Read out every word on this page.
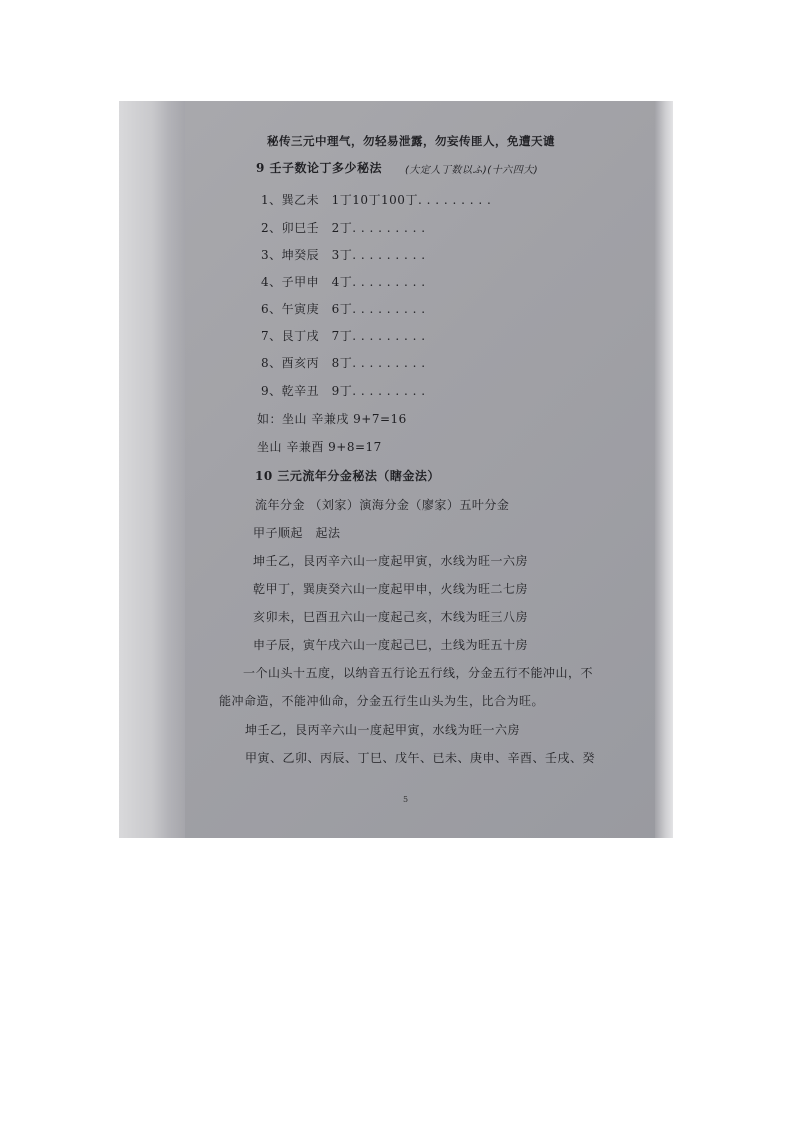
秘传三元中理气，勿轻易泄露，勿妄传匪人，免遭天谴
9 壬子数论丁多少秘法 (大定人丁数以ふ)(十六四大)
1、巽乙未　1丁10丁100丁. . . . . . . . .
2、卯巳壬　2丁. . . . . . . . .
3、坤癸辰　3丁. . . . . . . . .
4、子甲申　4丁. . . . . . . . .
6、午寅庚　6丁. . . . . . . . .
7、艮丁戌　7丁. . . . . . . . .
8、酉亥丙　8丁. . . . . . . . .
9、乾辛丑　9丁. . . . . . . . .
如：坐山 辛兼戌 9+7=16
坐山 辛兼酉 9+8=17
10 三元流年分金秘法（瞎金法）
流年分金 （刘家）演海分金（廖家）五叶分金
甲子顺起　起法
坤壬乙，艮丙辛六山一度起甲寅，水线为旺一六房
乾甲丁，巽庚癸六山一度起甲申，火线为旺二七房
亥卯未，巳酉丑六山一度起己亥，木线为旺三八房
申子辰，寅午戌六山一度起己巳，土线为旺五十房
一个山头十五度，以纳音五行论五行线，分金五行不能冲山，不
能冲命造，不能冲仙命，分金五行生山头为生，比合为旺。
坤壬乙，艮丙辛六山一度起甲寅，水线为旺一六房
甲寅、乙卯、丙辰、丁巳、戊午、已未、庚申、辛酉、壬戌、癸
5
